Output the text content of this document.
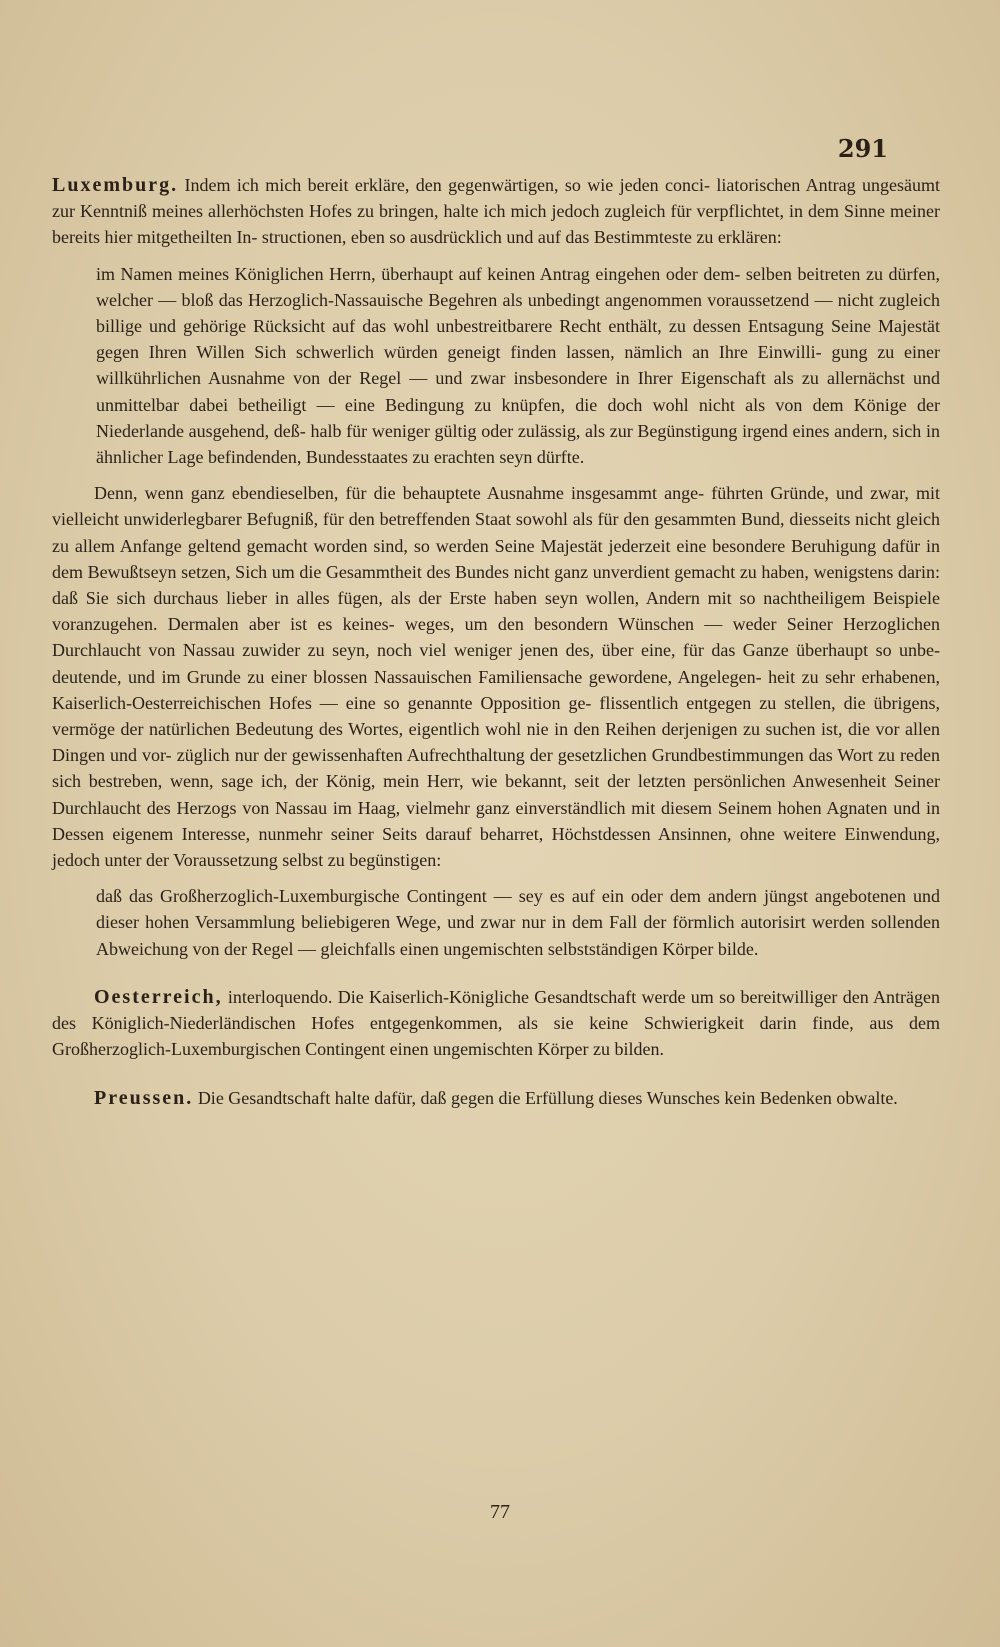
291

Luxemburg. Indem ich mich bereit erkläre, den gegenwärtigen, so wie jeden conci- liatorischen Antrag ungesäumt zur Kenntniß meines allerhöchsten Hofes zu bringen, halte ich mich jedoch zugleich für verpflichtet, in dem Sinne meiner bereits hier mitgetheilten In- structionen, eben so ausdrücklich und auf das Bestimmteste zu erklären:

im Namen meines Königlichen Herrn, überhaupt auf keinen Antrag eingehen oder dem- selben beitreten zu dürfen, welcher — bloß das Herzoglich-Nassauische Begehren als unbedingt angenommen voraussetzend — nicht zugleich billige und gehörige Rücksicht auf das wohl unbestreitbarere Recht enthält, zu dessen Entsagung Seine Majestät gegen Ihren Willen Sich schwerlich würden geneigt finden lassen, nämlich an Ihre Einwilli- gung zu einer willkührlichen Ausnahme von der Regel — und zwar insbesondere in Ihrer Eigenschaft als zu allernächst und unmittelbar dabei betheiligt — eine Bedingung zu knüpfen, die doch wohl nicht als von dem Könige der Niederlande ausgehend, deß- halb für weniger gültig oder zulässig, als zur Begünstigung irgend eines andern, sich in ähnlicher Lage befindenden, Bundesstaates zu erachten seyn dürfte.

Denn, wenn ganz ebendieselben, für die behauptete Ausnahme insgesammt ange- führten Gründe, und zwar, mit vielleicht unwiderlegbarer Befugniß, für den betreffenden Staat sowohl als für den gesammten Bund, diesseits nicht gleich zu allem Anfange geltend gemacht worden sind, so werden Seine Majestät jederzeit eine besondere Beruhigung dafür in dem Bewußtseyn setzen, Sich um die Gesammtheit des Bundes nicht ganz unverdient gemacht zu haben, wenigstens darin: daß Sie sich durchaus lieber in alles fügen, als der Erste haben seyn wollen, Andern mit so nachtheiligem Beispiele voranzugehen. Dermalen aber ist es keines- weges, um den besondern Wünschen — weder Seiner Herzoglichen Durchlaucht von Nassau zuwider zu seyn, noch viel weniger jenen des, über eine, für das Ganze überhaupt so unbe- deutende, und im Grunde zu einer blossen Nassauischen Familiensache gewordene, Angelegen- heit zu sehr erhabenen, Kaiserlich-Oesterreichischen Hofes — eine so genannte Opposition ge- flissentlich entgegen zu stellen, die übrigens, vermöge der natürlichen Bedeutung des Wortes, eigentlich wohl nie in den Reihen derjenigen zu suchen ist, die vor allen Dingen und vor- züglich nur der gewissenhaften Aufrechthaltung der gesetzlichen Grundbestimmungen das Wort zu reden sich bestreben, wenn, sage ich, der König, mein Herr, wie bekannt, seit der letzten persönlichen Anwesenheit Seiner Durchlaucht des Herzogs von Nassau im Haag, vielmehr ganz einverständlich mit diesem Seinem hohen Agnaten und in Dessen eigenem Interesse, nunmehr seiner Seits darauf beharret, Höchstdessen Ansinnen, ohne weitere Einwendung, jedoch unter der Voraussetzung selbst zu begünstigen:

daß das Großherzoglich-Luxemburgische Contingent — sey es auf ein oder dem andern jüngst angebotenen und dieser hohen Versammlung beliebigeren Wege, und zwar nur in dem Fall der förmlich autorisirt werden sollenden Abweichung von der Regel — gleichfalls einen ungemischten selbstständigen Körper bilde.

Oesterreich, interloquendo. Die Kaiserlich-Königliche Gesandtschaft werde um so bereitwilliger den Anträgen des Königlich-Niederländischen Hofes entgegenkommen, als sie keine Schwierigkeit darin finde, aus dem Großherzoglich-Luxemburgischen Contingent einen ungemischten Körper zu bilden.

Preussen. Die Gesandtschaft halte dafür, daß gegen die Erfüllung dieses Wunsches kein Bedenken obwalte.

77
